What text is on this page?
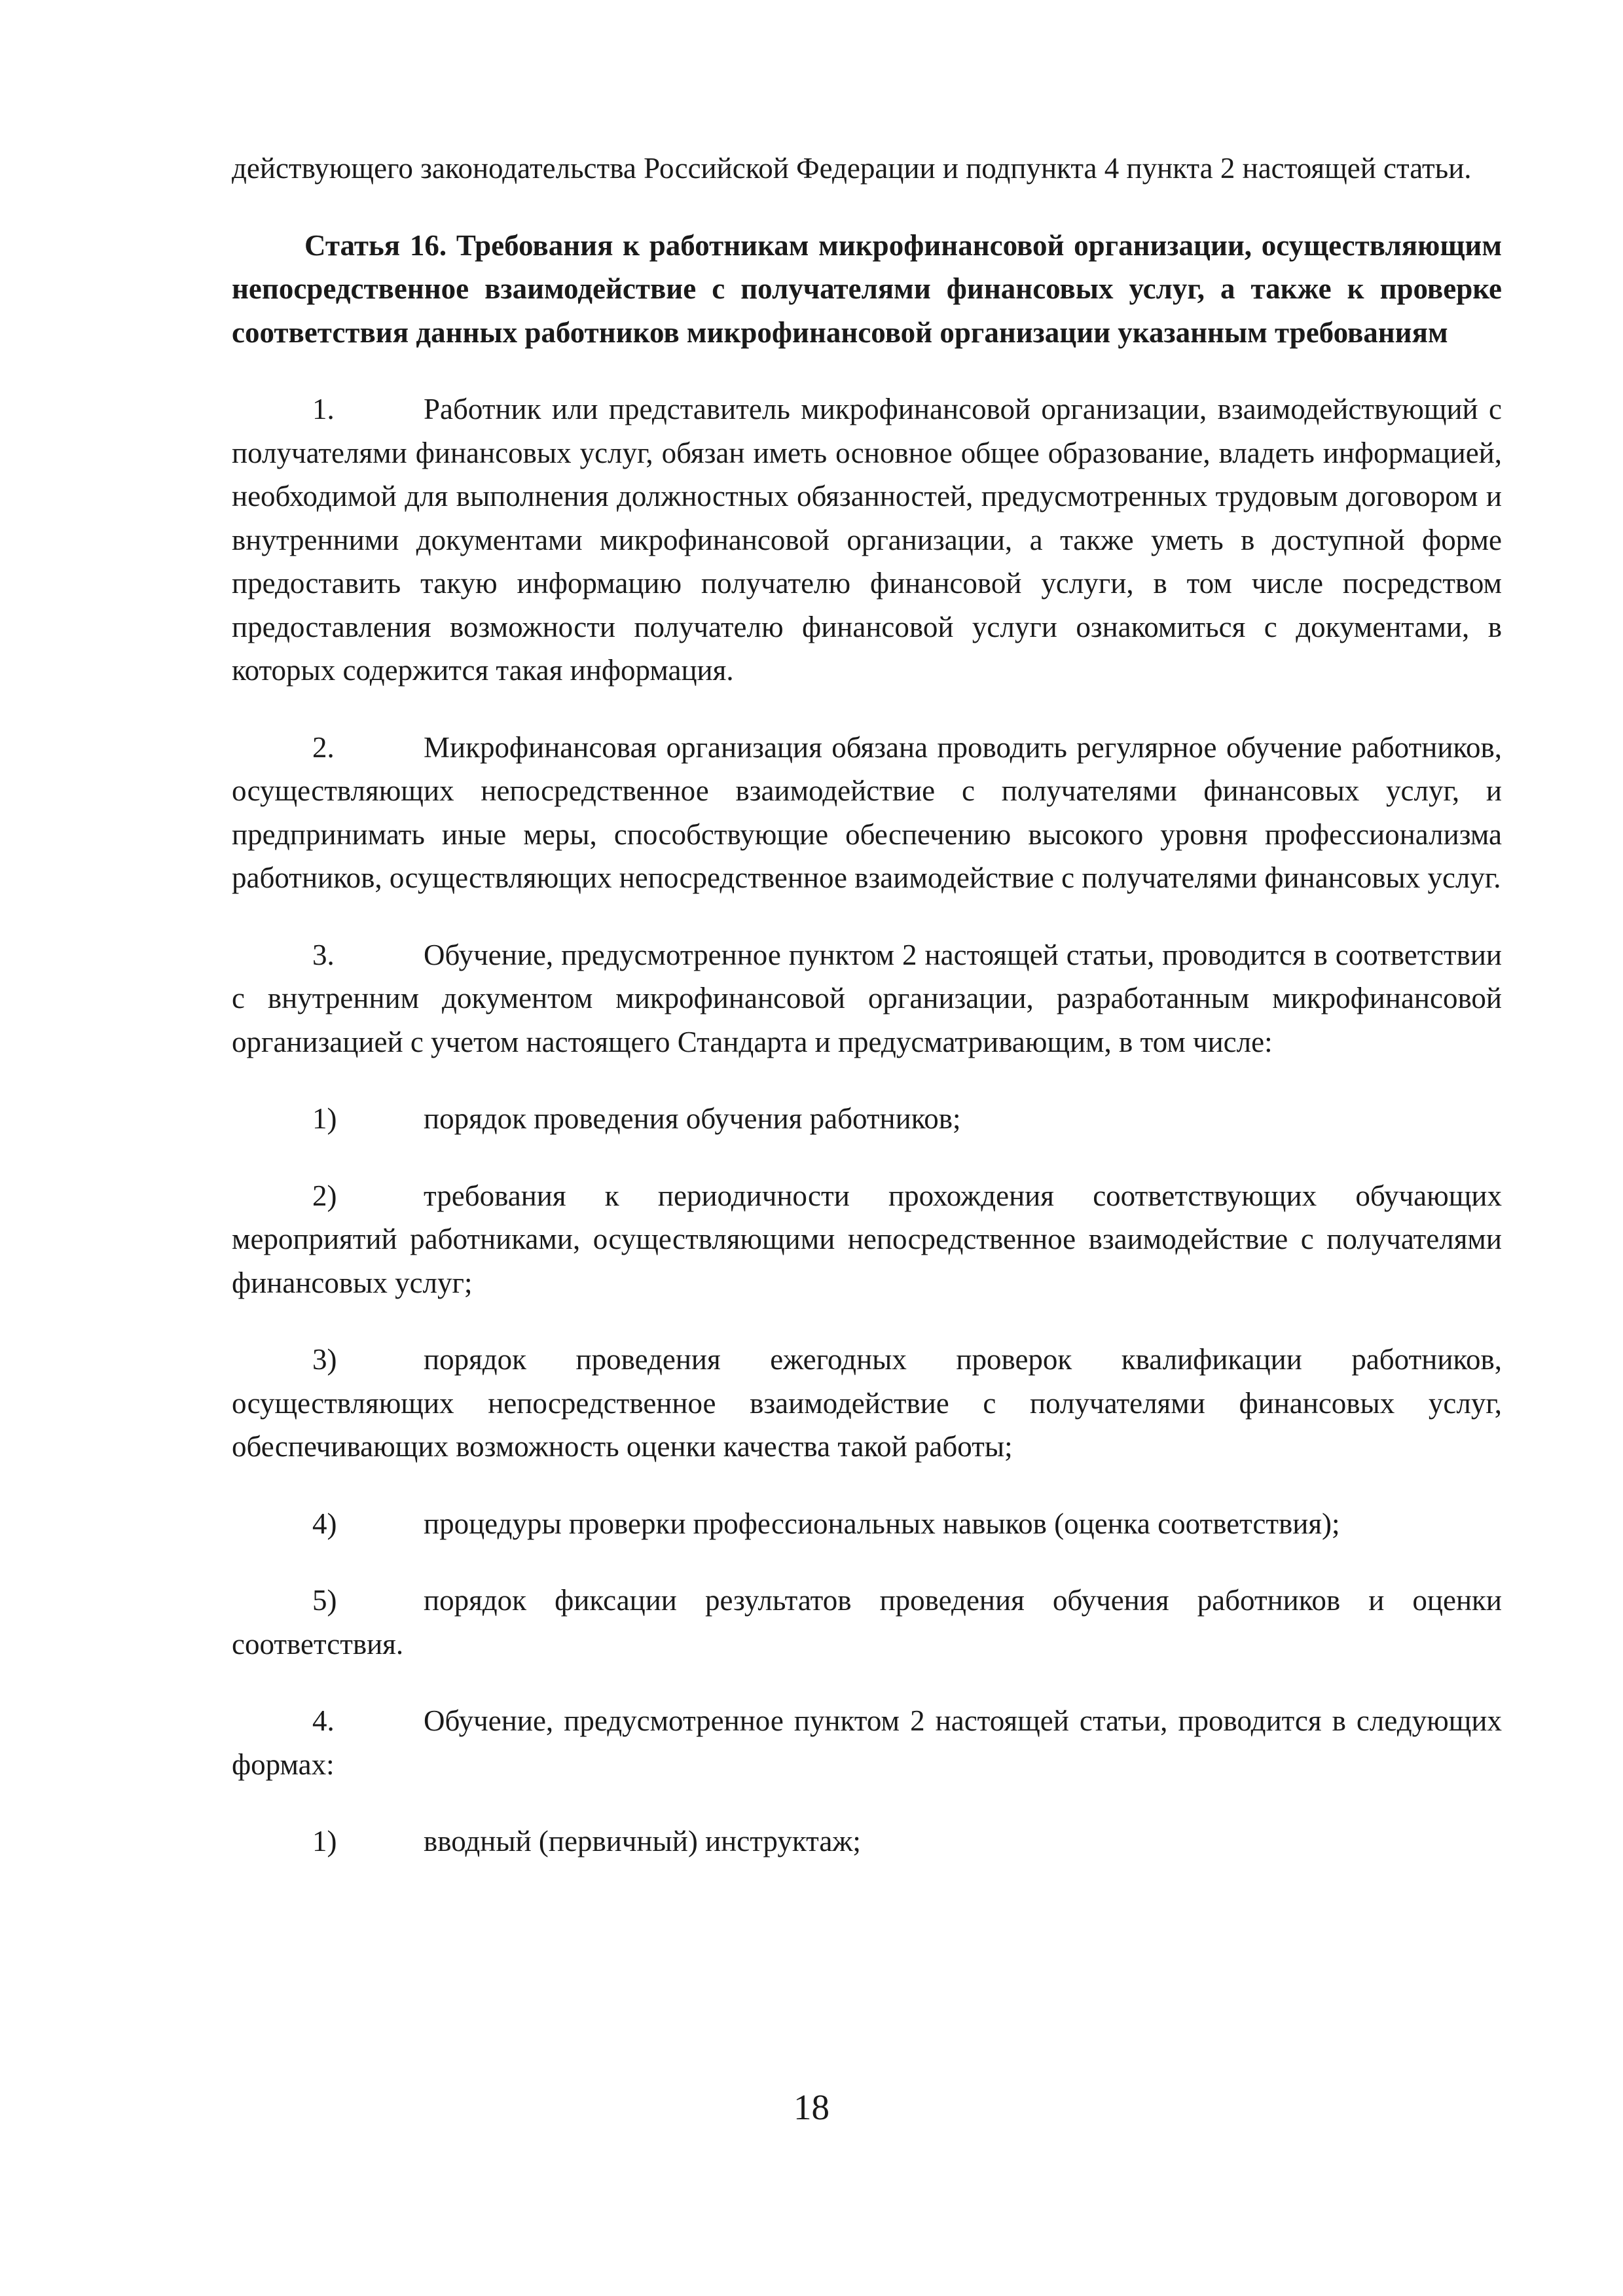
действующего законодательства Российской Федерации и подпункта 4 пункта 2 настоящей статьи.

Статья 16. Требования к работникам микрофинансовой организации, осуществляющим непосредственное взаимодействие с получателями финансовых услуг, а также к проверке соответствия данных работников микрофинансовой организации указанным требованиям

1.	Работник или представитель микрофинансовой организации, взаимодействующий с получателями финансовых услуг, обязан иметь основное общее образование, владеть информацией, необходимой для выполнения должностных обязанностей, предусмотренных трудовым договором и внутренними документами микрофинансовой организации, а также уметь в доступной форме предоставить такую информацию получателю финансовой услуги, в том числе посредством предоставления возможности получателю финансовой услуги ознакомиться с документами, в которых содержится такая информация.

2.	Микрофинансовая организация обязана проводить регулярное обучение работников, осуществляющих непосредственное взаимодействие с получателями финансовых услуг, и предпринимать иные меры, способствующие обеспечению высокого уровня профессионализма работников, осуществляющих непосредственное взаимодействие с получателями финансовых услуг.

3.	Обучение, предусмотренное пунктом 2 настоящей статьи, проводится в соответствии с внутренним документом микрофинансовой организации, разработанным микрофинансовой организацией с учетом настоящего Стандарта и предусматривающим, в том числе:

1)	порядок проведения обучения работников;

2)	требования к периодичности прохождения соответствующих обучающих мероприятий работниками, осуществляющими непосредственное взаимодействие с получателями финансовых услуг;

3)	порядок проведения ежегодных проверок квалификации работников, осуществляющих непосредственное взаимодействие с получателями финансовых услуг, обеспечивающих возможность оценки качества такой работы;

4)	процедуры проверки профессиональных навыков (оценка соответствия);

5)	порядок фиксации результатов проведения обучения работников и оценки соответствия.

4.	Обучение, предусмотренное пунктом 2 настоящей статьи, проводится в следующих формах:

1)	вводный (первичный) инструктаж;

18
